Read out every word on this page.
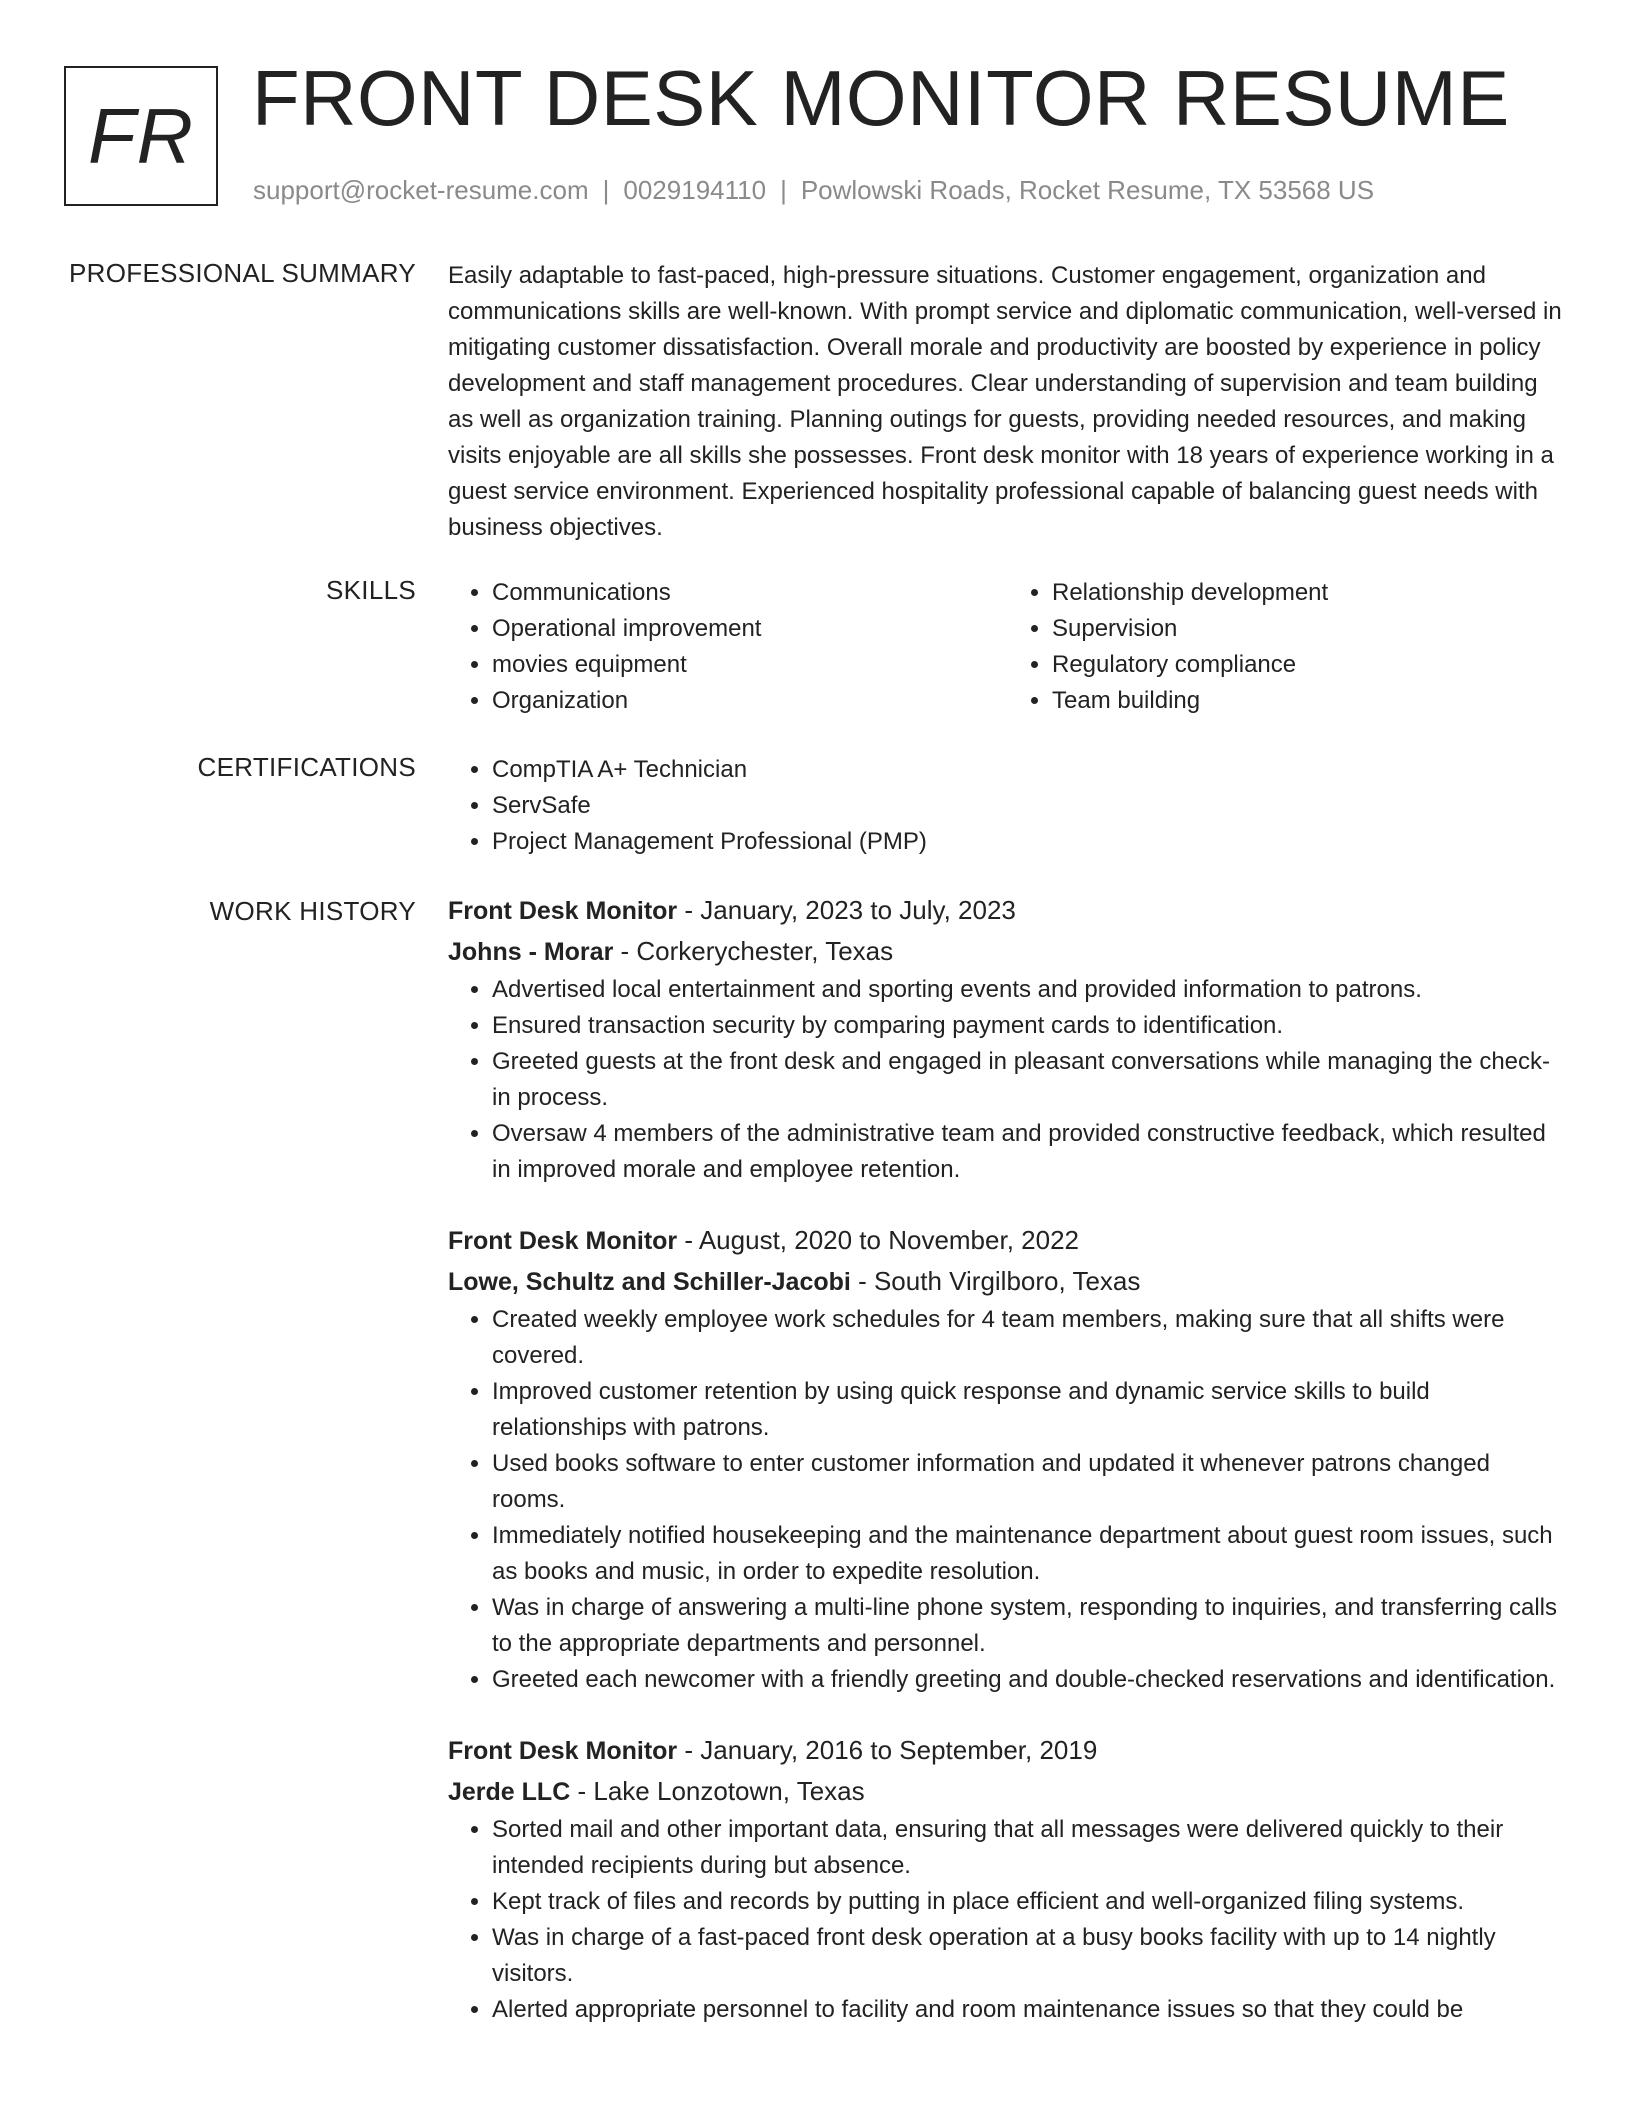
FR FRONT DESK MONITOR RESUME
support@rocket-resume.com | 0029194110 | Powlowski Roads, Rocket Resume, TX 53568 US
PROFESSIONAL SUMMARY Easily adaptable to fast-paced, high-pressure situations. Customer engagement, organization and communications skills are well-known. With prompt service and diplomatic communication, well-versed in mitigating customer dissatisfaction. Overall morale and productivity are boosted by experience in policy development and staff management procedures. Clear understanding of supervision and team building as well as organization training. Planning outings for guests, providing needed resources, and making visits enjoyable are all skills she possesses. Front desk monitor with 18 years of experience working in a guest service environment. Experienced hospitality professional capable of balancing guest needs with business objectives.

SKILLS	• Communications
• Operational improvement
• movies equipment
• Organization
• Relationship development
• Supervision
• Regulatory compliance
• Team building
CERTIFICATIONS	• CompTIA A+ Technician
• ServSafe
• Project Management Professional (PMP)
WORK HISTORY Front Desk Monitor - January, 2023 to July, 2023
Johns - Morar - Corkerychester, Texas
• Advertised local entertainment and sporting events and provided information to patrons.
• Ensured transaction security by comparing payment cards to identification.
• Greeted guests at the front desk and engaged in pleasant conversations while managing the check-in process.
• Oversaw 4 members of the administrative team and provided constructive feedback, which resulted in improved morale and employee retention.
Front Desk Monitor - August, 2020 to November, 2022
Lowe, Schultz and Schiller-Jacobi - South Virgilboro, Texas
• Created weekly employee work schedules for 4 team members, making sure that all shifts were covered.
• Improved customer retention by using quick response and dynamic service skills to build relationships with patrons.
• Used books software to enter customer information and updated it whenever patrons changed rooms.
• Immediately notified housekeeping and the maintenance department about guest room issues, such as books and music, in order to expedite resolution.
• Was in charge of answering a multi-line phone system, responding to inquiries, and transferring calls to the appropriate departments and personnel.
• Greeted each newcomer with a friendly greeting and double-checked reservations and identification.
Front Desk Monitor - January, 2016 to September, 2019
Jerde LLC - Lake Lonzotown, Texas
• Sorted mail and other important data, ensuring that all messages were delivered quickly to their intended recipients during but absence.
• Kept track of files and records by putting in place efficient and well-organized filing systems.
• Was in charge of a fast-paced front desk operation at a busy books facility with up to 14 nightly visitors.
• Alerted appropriate personnel to facility and room maintenance issues so that they could be
